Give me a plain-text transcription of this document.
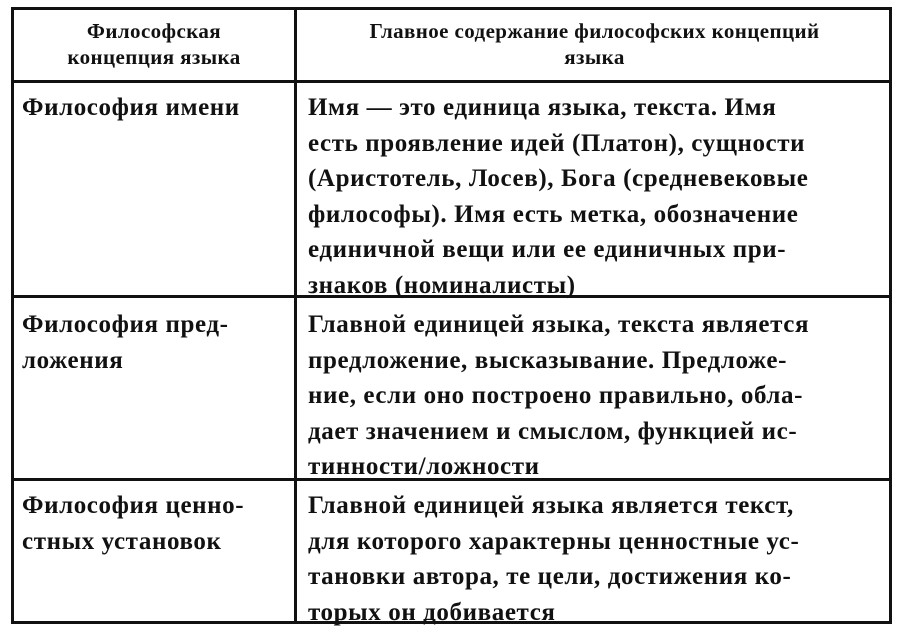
Философская
концепция языка
Главное содержание философских концепций
языка
Философия имени	Имя — это единица языка, текста. Имя
есть проявление идей (Платон), сущности
(Аристотель, Лосев), Бога (средневековые
философы). Имя есть метка, обозначение
единичной вещи или ее единичных при-
знаков (номиналисты)
Философия пред-
ложения
Главной единицей языка, текста является
предложение, высказывание. Предложе-
ние, если оно построено правильно, обла-
дает значением и смыслом, функцией ис-
тинности/ложности
Философия ценно-
стных установок
Главной единицей языка является текст,
для которого характерны ценностные ус-
тановки автора, те цели, достижения ко-
торых он добивается
